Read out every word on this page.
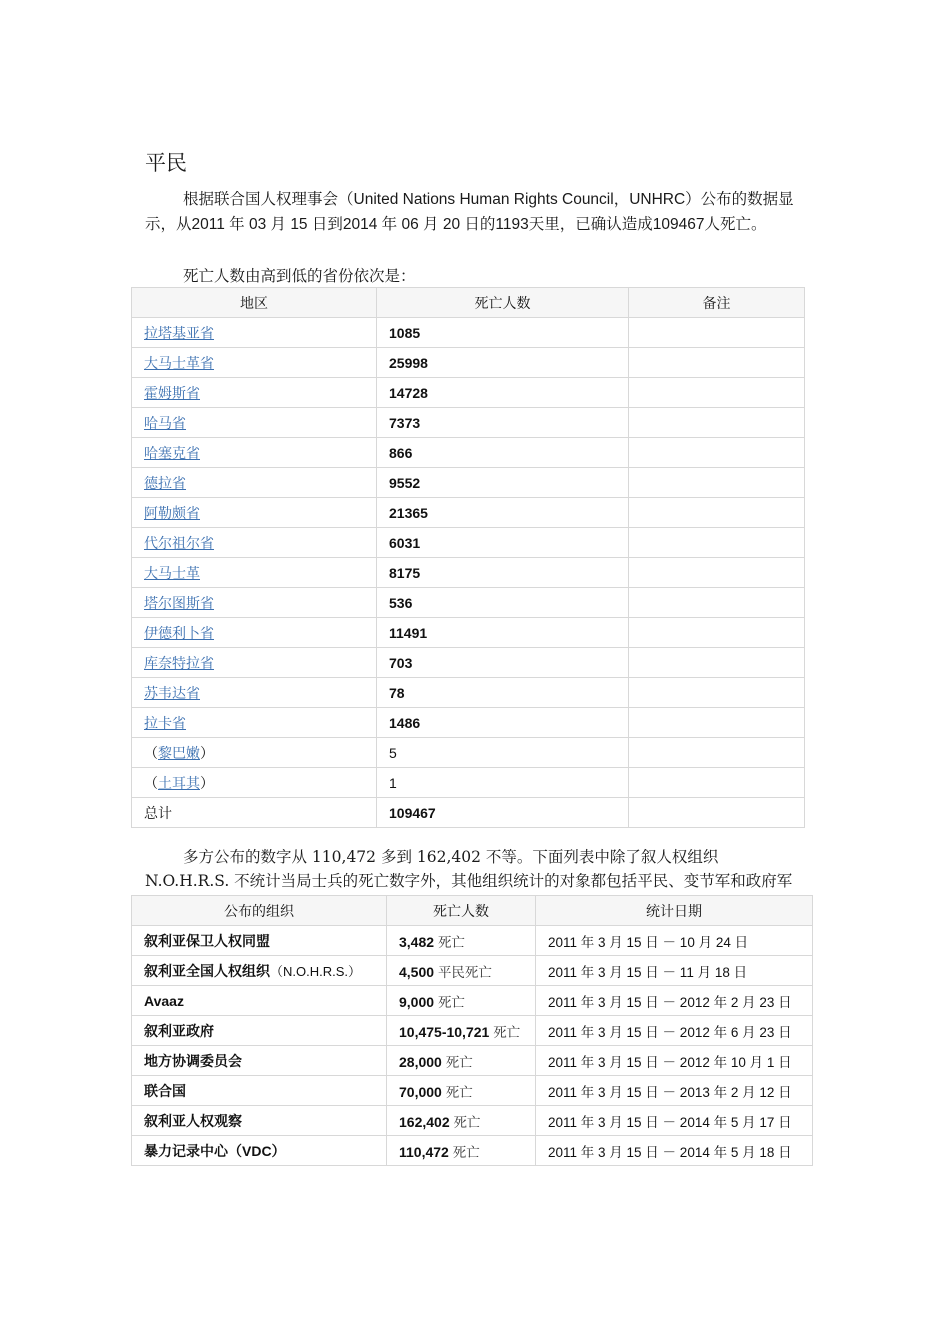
平民

根据联合国人权理事会（United Nations Human Rights Council，UNHRC）公布的数据显示，从2011 年 03 月 15 日到2014 年 06 月 20 日的1193天里，已确认造成109467人死亡。

死亡人数由高到低的省份依次是：

地区	死亡人数	备注
拉塔基亚省	1085	
大马士革省	25998	
霍姆斯省	14728	
哈马省	7373	
哈塞克省	866	
德拉省	9552	
阿勒颇省	21365	
代尔祖尔省	6031	
大马士革	8175	
塔尔图斯省	536	
伊德利卜省	11491	
库奈特拉省	703	
苏韦达省	78	
拉卡省	1486	
（黎巴嫩）	5	
（土耳其）	1	
总计	109467	

多方公布的数字从 110,472 多到 162,402 不等。下面列表中除了叙人权组织 N.O.H.R.S. 不统计当局士兵的死亡数字外，其他组织统计的对象都包括平民、变节军和政府军

公布的组织	死亡人数	统计日期
叙利亚保卫人权同盟	3,482 死亡	2011 年 3 月 15 日 － 10 月 24 日
叙利亚全国人权组织（N.O.H.R.S.）	4,500 平民死亡	2011 年 3 月 15 日 － 11 月 18 日
Avaaz	9,000 死亡	2011 年 3 月 15 日 － 2012 年 2 月 23 日
叙利亚政府	10,475-10,721 死亡	2011 年 3 月 15 日 － 2012 年 6 月 23 日
地方协调委员会	28,000 死亡	2011 年 3 月 15 日 － 2012 年 10 月 1 日
联合国	70,000 死亡	2011 年 3 月 15 日 － 2013 年 2 月 12 日
叙利亚人权观察	162,402 死亡	2011 年 3 月 15 日 － 2014 年 5 月 17 日
暴力记录中心（VDC）	110,472 死亡	2011 年 3 月 15 日 － 2014 年 5 月 18 日
